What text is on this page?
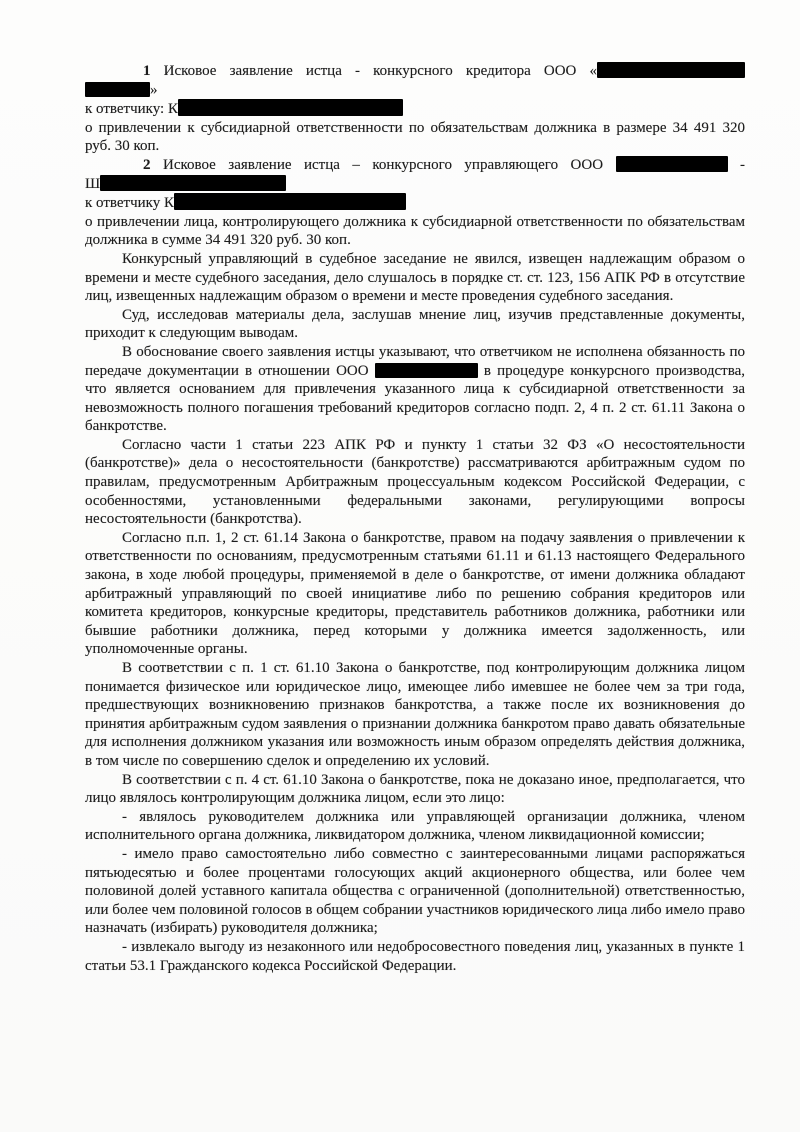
1 Исковое заявление истца - конкурсного кредитора ООО «

»

к ответчику: К

о привлечении к субсидиарной ответственности по обязательствам должника в размере 34 491 320 руб. 30 коп.

2 Исковое заявление истца – конкурсного управляющего ООО	-

Ш

к ответчику К

о привлечении лица, контролирующего должника к субсидиарной ответственности по обязательствам должника в сумме 34 491 320 руб. 30 коп.

Конкурсный управляющий в судебное заседание не явился, извещен надлежащим образом о времени и месте судебного заседания, дело слушалось в порядке ст. ст. 123, 156 АПК РФ в отсутствие лиц, извещенных надлежащим образом о времени и месте проведения судебного заседания.

Суд, исследовав материалы дела, заслушав мнение лиц, изучив представленные документы, приходит к следующим выводам.

В обоснование своего заявления истцы указывают, что ответчиком не исполнена обязанность по передаче документации в отношении ООО	в процедуре конкурсного производства, что является основанием для привлечения указанного лица к субсидиарной ответственности за невозможность полного погашения требований кредиторов согласно подп. 2, 4 п. 2 ст. 61.11 Закона о банкротстве.

Согласно части 1 статьи 223 АПК РФ и пункту 1 статьи 32 ФЗ «О несостоятельности (банкротстве)» дела о несостоятельности (банкротстве) рассматриваются арбитражным судом по правилам, предусмотренным Арбитражным процессуальным кодексом Российской Федерации, с особенностями, установленными федеральными законами, регулирующими вопросы несостоятельности (банкротства).

Согласно п.п. 1, 2 ст. 61.14 Закона о банкротстве, правом на подачу заявления о привлечении к ответственности по основаниям, предусмотренным статьями 61.11 и 61.13 настоящего Федерального закона, в ходе любой процедуры, применяемой в деле о банкротстве, от имени должника обладают арбитражный управляющий по своей инициативе либо по решению собрания кредиторов или комитета кредиторов, конкурсные кредиторы, представитель работников должника, работники или бывшие работники должника, перед которыми у должника имеется задолженность, или уполномоченные органы.

В соответствии с п. 1 ст. 61.10 Закона о банкротстве, под контролирующим должника лицом понимается физическое или юридическое лицо, имеющее либо имевшее не более чем за три года, предшествующих возникновению признаков банкротства, а также после их возникновения до принятия арбитражным судом заявления о признании должника банкротом право давать обязательные для исполнения должником указания или возможность иным образом определять действия должника, в том числе по совершению сделок и определению их условий.

В соответствии с п. 4 ст. 61.10 Закона о банкротстве, пока не доказано иное, предполагается, что лицо являлось контролирующим должника лицом, если это лицо:

- являлось руководителем должника или управляющей организации должника, членом исполнительного органа должника, ликвидатором должника, членом ликвидационной комиссии;

- имело право самостоятельно либо совместно с заинтересованными лицами распоряжаться пятьюдесятью и более процентами голосующих акций акционерного общества, или более чем половиной долей уставного капитала общества с ограниченной (дополнительной) ответственностью, или более чем половиной голосов в общем собрании участников юридического лица либо имело право назначать (избирать) руководителя должника;

- извлекало выгоду из незаконного или недобросовестного поведения лиц, указанных в пункте 1 статьи 53.1 Гражданского кодекса Российской Федерации.
